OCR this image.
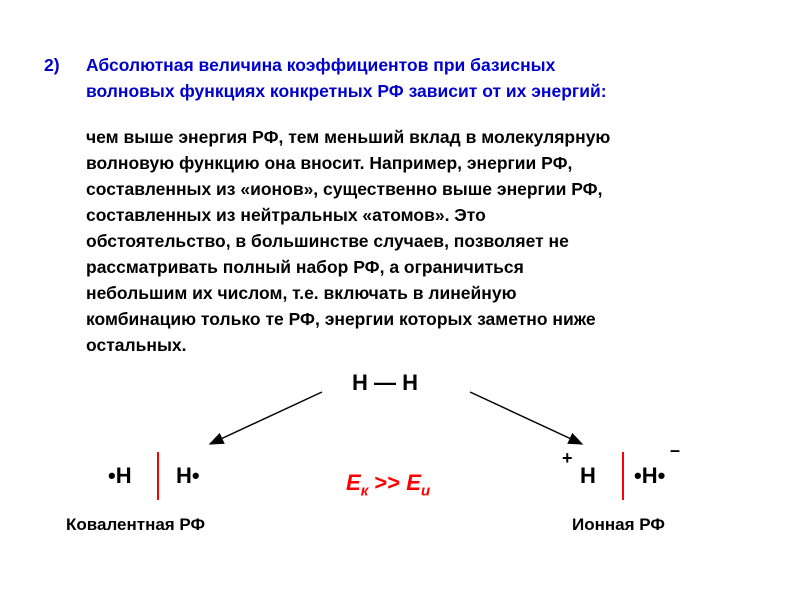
2) Абсолютная величина коэффициентов при базисных
волновых функциях конкретных РФ зависит от их энергий:
чем выше энергия РФ, тем меньший вклад в молекулярную
волновую функцию она вносит. Например, энергии РФ,
составленных из «ионов», существенно выше энергии РФ,
составленных из нейтральных «атомов». Это
обстоятельство, в большинстве случаев, позволяет не
рассматривать полный набор РФ, а ограничиться
небольшим их числом, т.е. включать в линейную
комбинацию только те РФ, энергии которых заметно ниже
остальных.
H — H
•H H•
Ковалентная РФ
$E_к >> E_и$
+
H •H•
–
Ионная РФ
